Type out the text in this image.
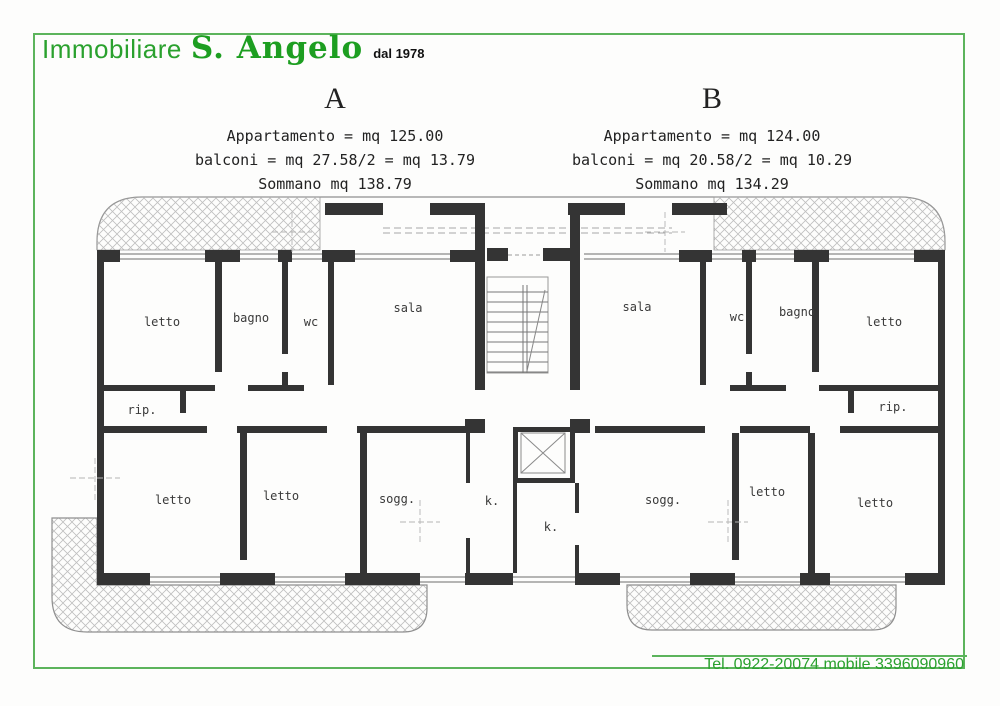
Immobiliare S. Angelo dal 1978
A
Appartamento = mq 125.00
balconi = mq 27.58/2 = mq 13.79
Sommano mq 138.79
B
Appartamento = mq 124.00
balconi = mq 20.58/2 = mq 10.29
Sommano mq 134.29
letto	bagno	wc
sala	sala
wc	bagno
letto
rip.	rip.
letto	letto	sogg.	k.
k.
sogg.
letto
letto
Tel. 0922-20074 mobile 3396090960
